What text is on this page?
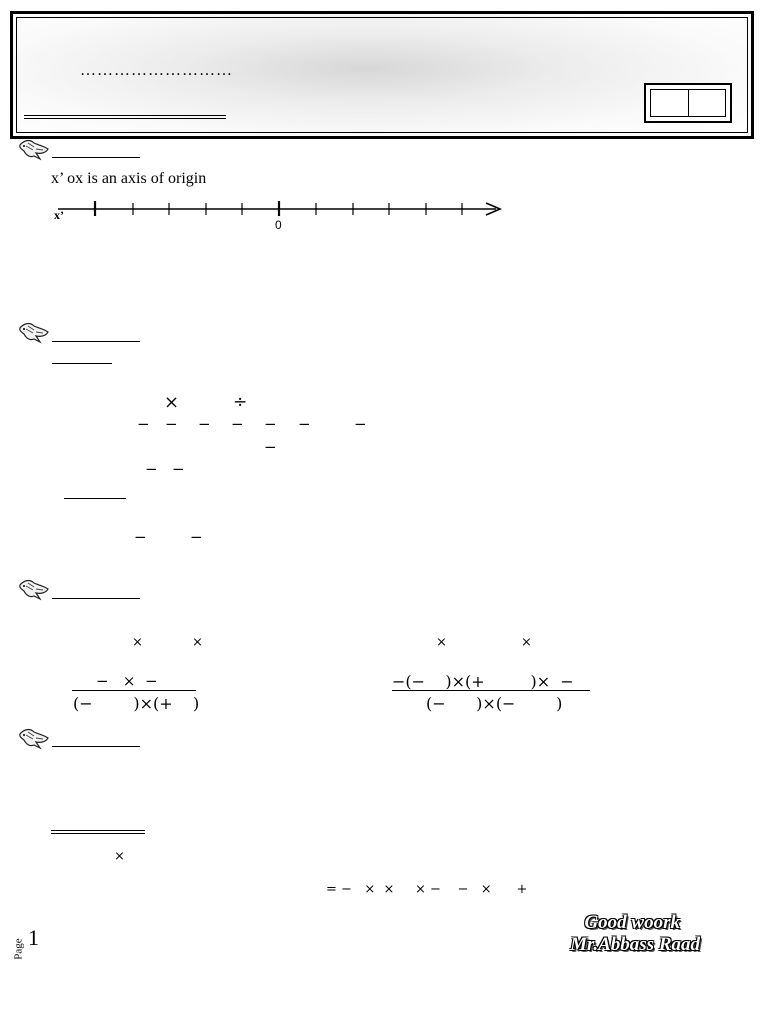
………………………
x’ ox is an axis of origin
x’
0
×	÷
− − − − − −	−
−
− −
−	−
×	×	×	×
−   ×  −
(−        )×(+    )
−(−    )×(+         )×  −
(−      )×(−        )
×
= −   ×  ×     × −    −   ×      +
Page 1
Good woork
Mr.Abbass Raad
